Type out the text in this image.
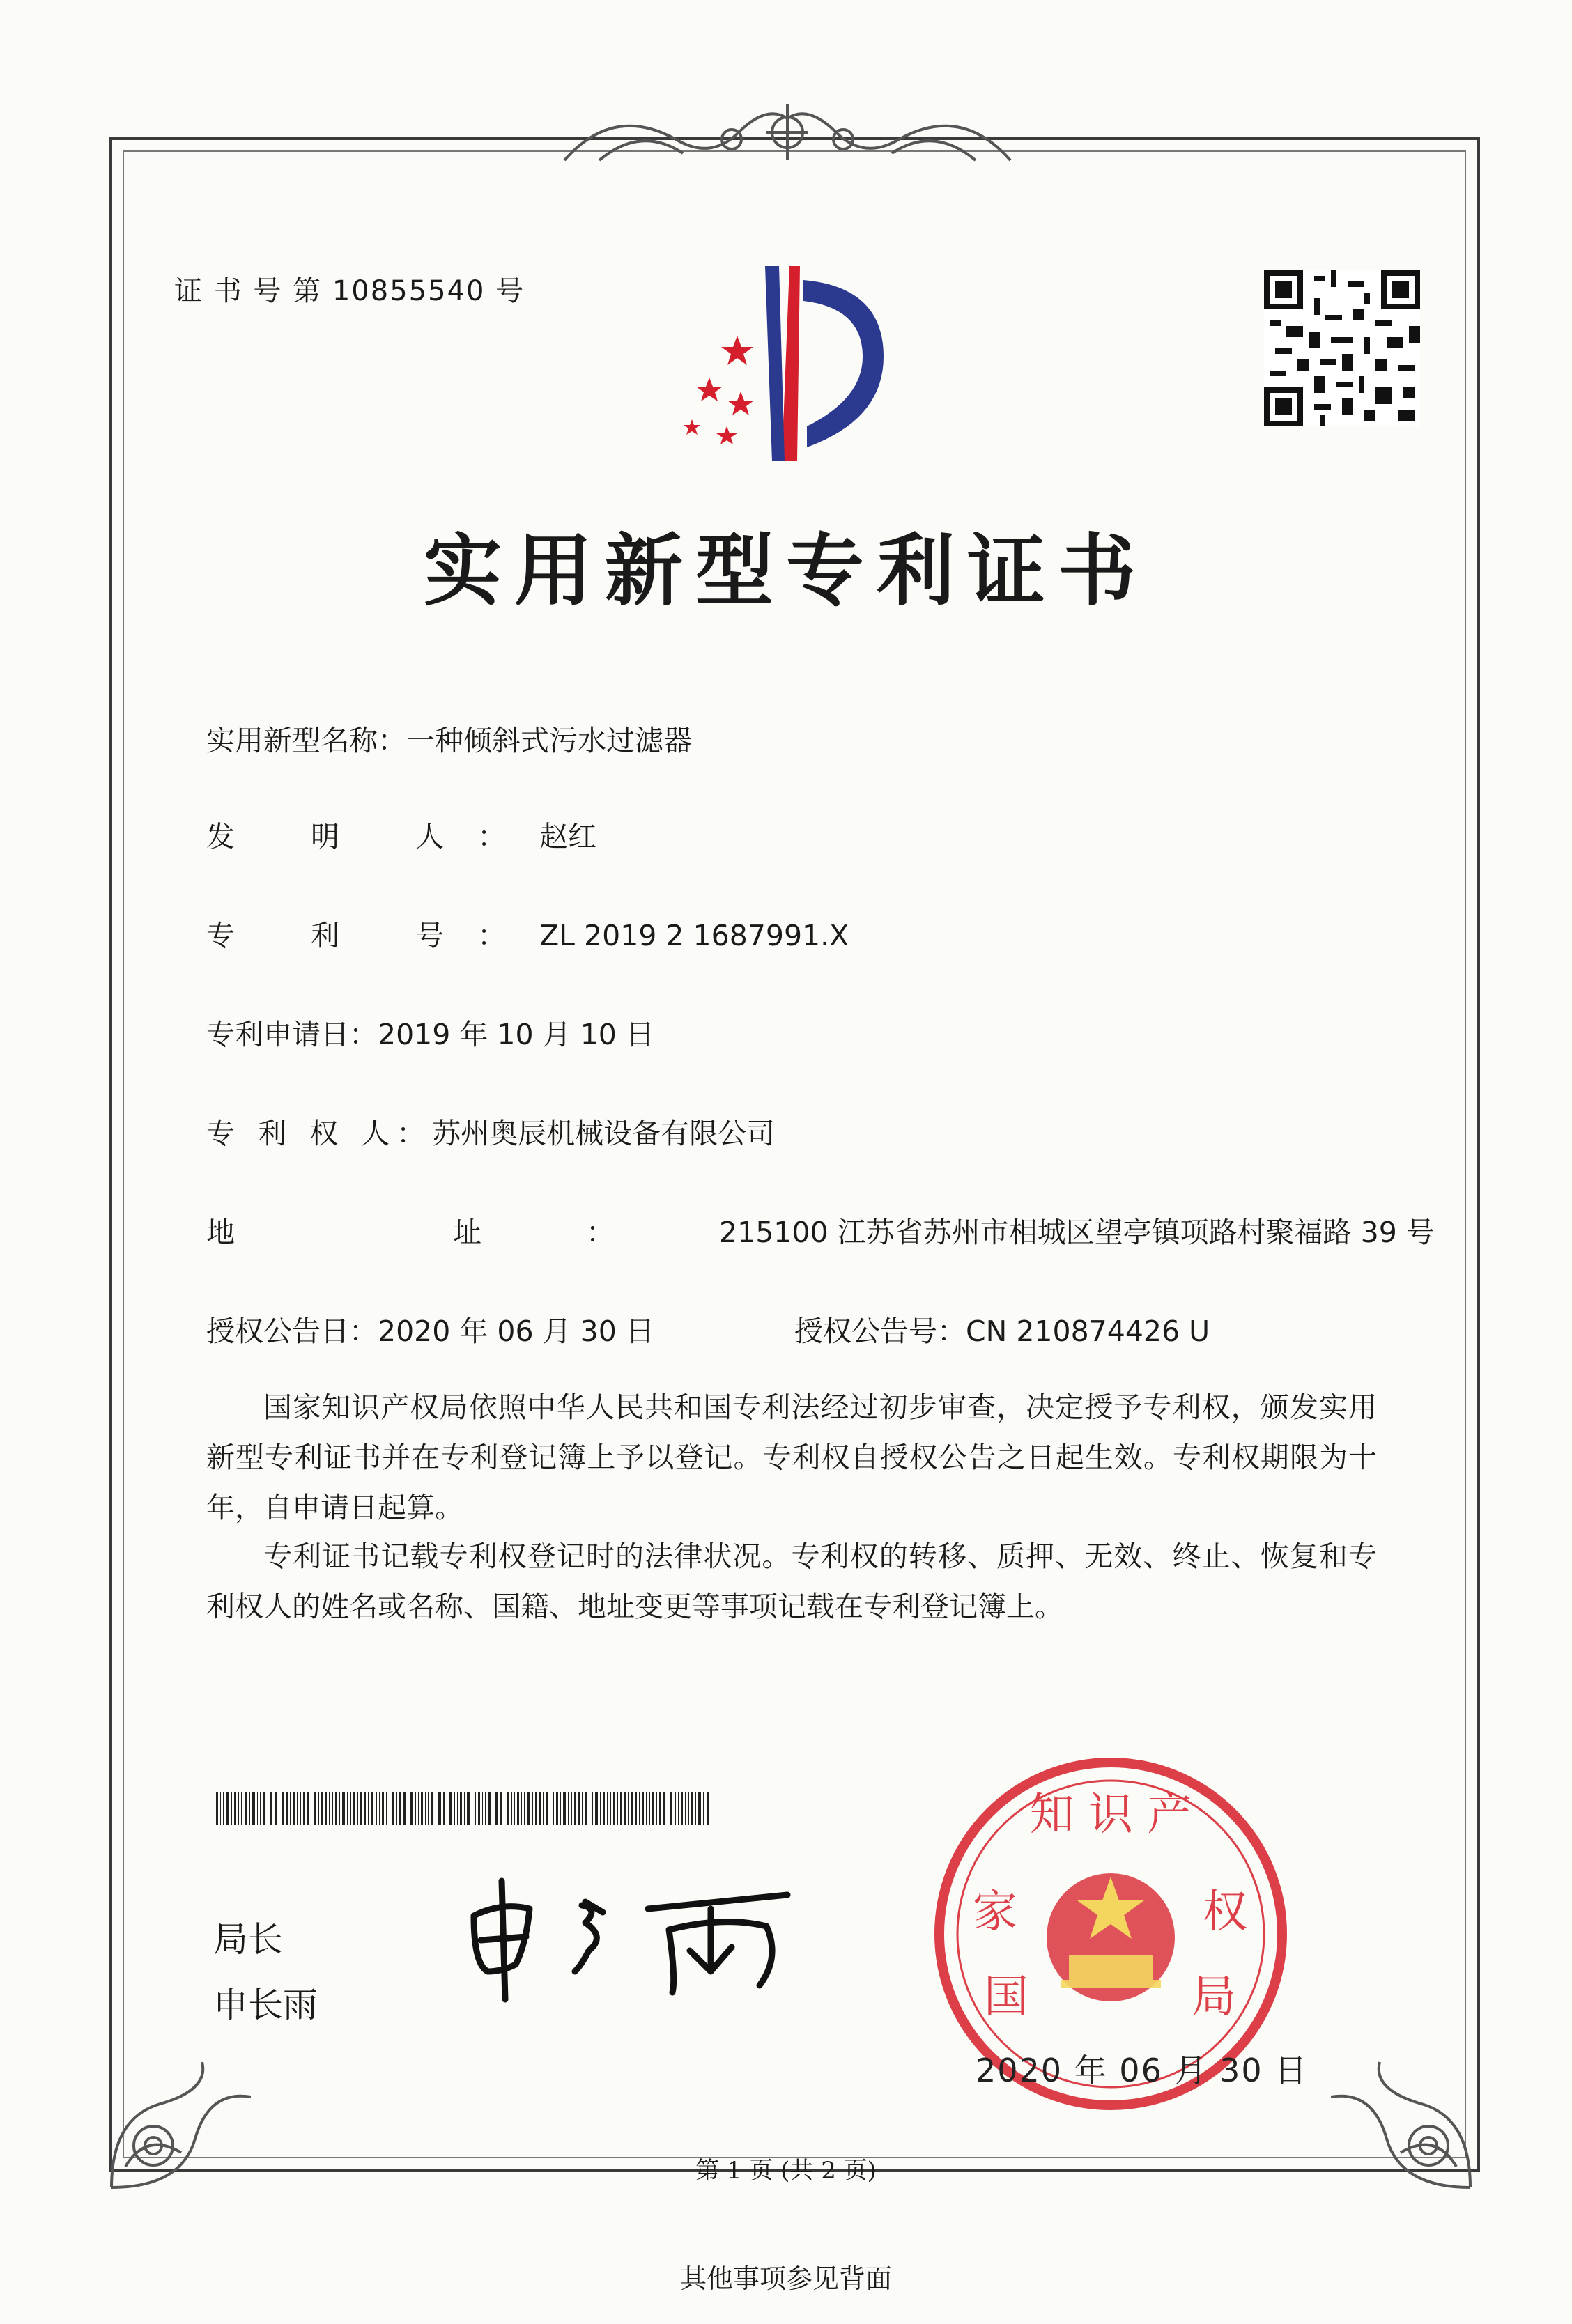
证 书 号 第 10855540 号
实用新型专利证书
实用新型名称：一种倾斜式污水过滤器
发 明 人：赵红
专 利 号：ZL 2019 2 1687991.X
专利申请日：2019 年 10 月 10 日
专 利 权 人：苏州奥辰机械设备有限公司
地 址：215100 江苏省苏州市相城区望亭镇项路村聚福路 39 号
授权公告日：2020 年 06 月 30 日	授权公告号：CN 210874426 U
国家知识产权局依照中华人民共和国专利法经过初步审查，决定授予专利权，颁发实用新型专利证书并在专利登记簿上予以登记。专利权自授权公告之日起生效。专利权期限为十年，自申请日起算。
专利证书记载专利权登记时的法律状况。专利权的转移、质押、无效、终止、恢复和专利权人的姓名或名称、国籍、地址变更等事项记载在专利登记簿上。
局长
申长雨
知 识 产
家
国
权
局
2020 年 06 月 30 日
第 1 页 (共 2 页)
其他事项参见背面
